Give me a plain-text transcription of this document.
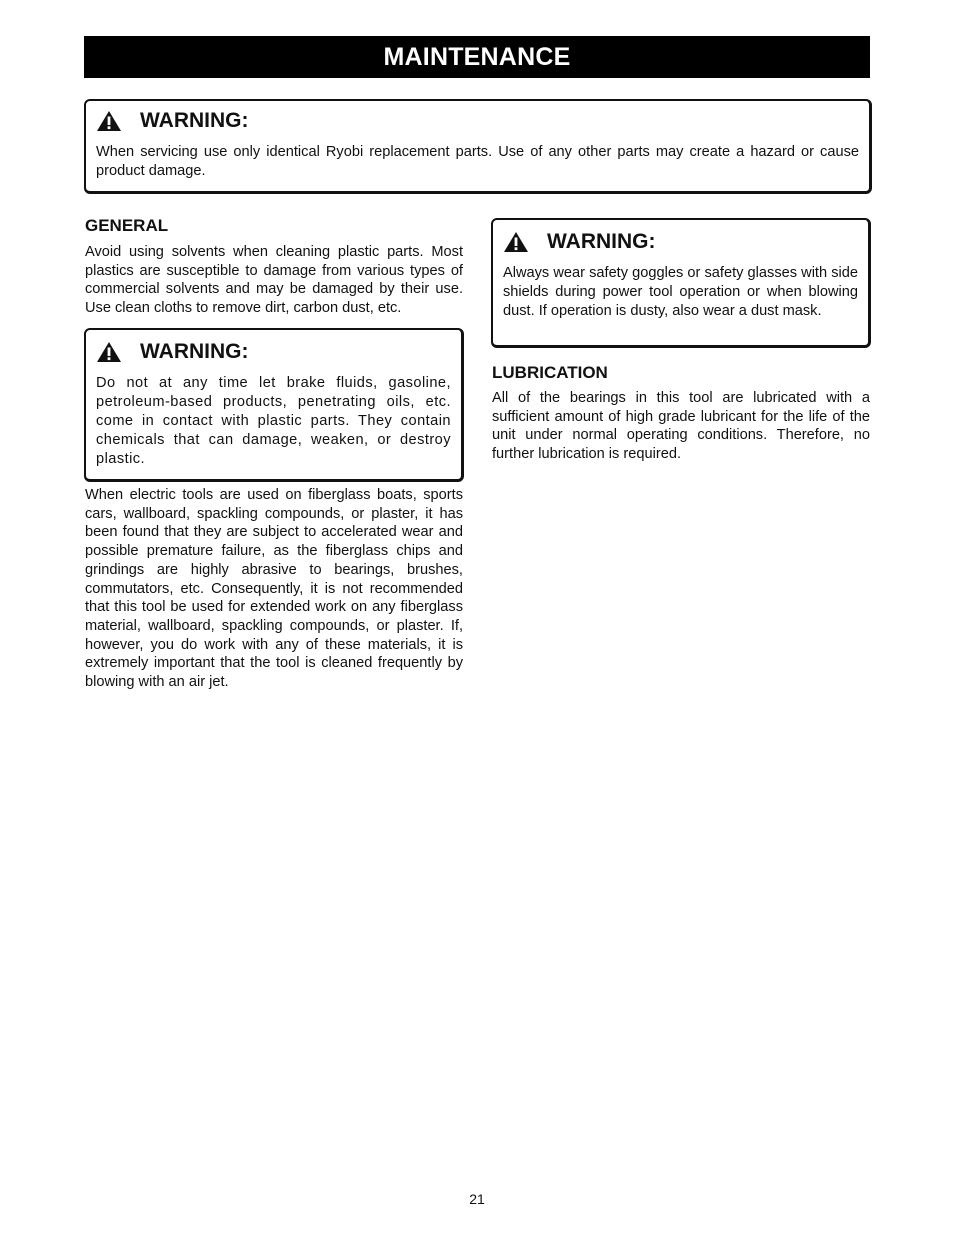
MAINTENANCE
WARNING:
When servicing use only identical Ryobi replacement parts. Use of any other parts may create a hazard or cause product damage.
GENERAL
Avoid using solvents when cleaning plastic parts. Most plastics are susceptible to damage from various types of commercial solvents and may be damaged by their use. Use clean cloths to remove dirt, carbon dust, etc.
WARNING:
Do not at any time let brake fluids, gasoline, petroleum-based products, penetrating oils, etc. come in contact with plastic parts. They contain chemicals that can damage, weaken, or destroy plastic.
When electric tools are used on fiberglass boats, sports cars, wallboard, spackling compounds, or plaster, it has been found that they are subject to accelerated wear and possible premature failure, as the fiberglass chips and grindings are highly abrasive to bearings, brushes, commutators, etc. Consequently, it is not recommended that this tool be used for extended work on any fiberglass material, wallboard, spackling compounds, or plaster. If, however, you do work with any of these materials, it is extremely important that the tool is cleaned frequently by blowing with an air jet.
WARNING:
Always wear safety goggles or safety glasses with side shields during power tool operation or when blowing dust. If operation is dusty, also wear a dust mask.
LUBRICATION
All of the bearings in this tool are lubricated with a sufficient amount of high grade lubricant for the life of the unit under normal operating conditions. Therefore, no further lubrication is required.
21
